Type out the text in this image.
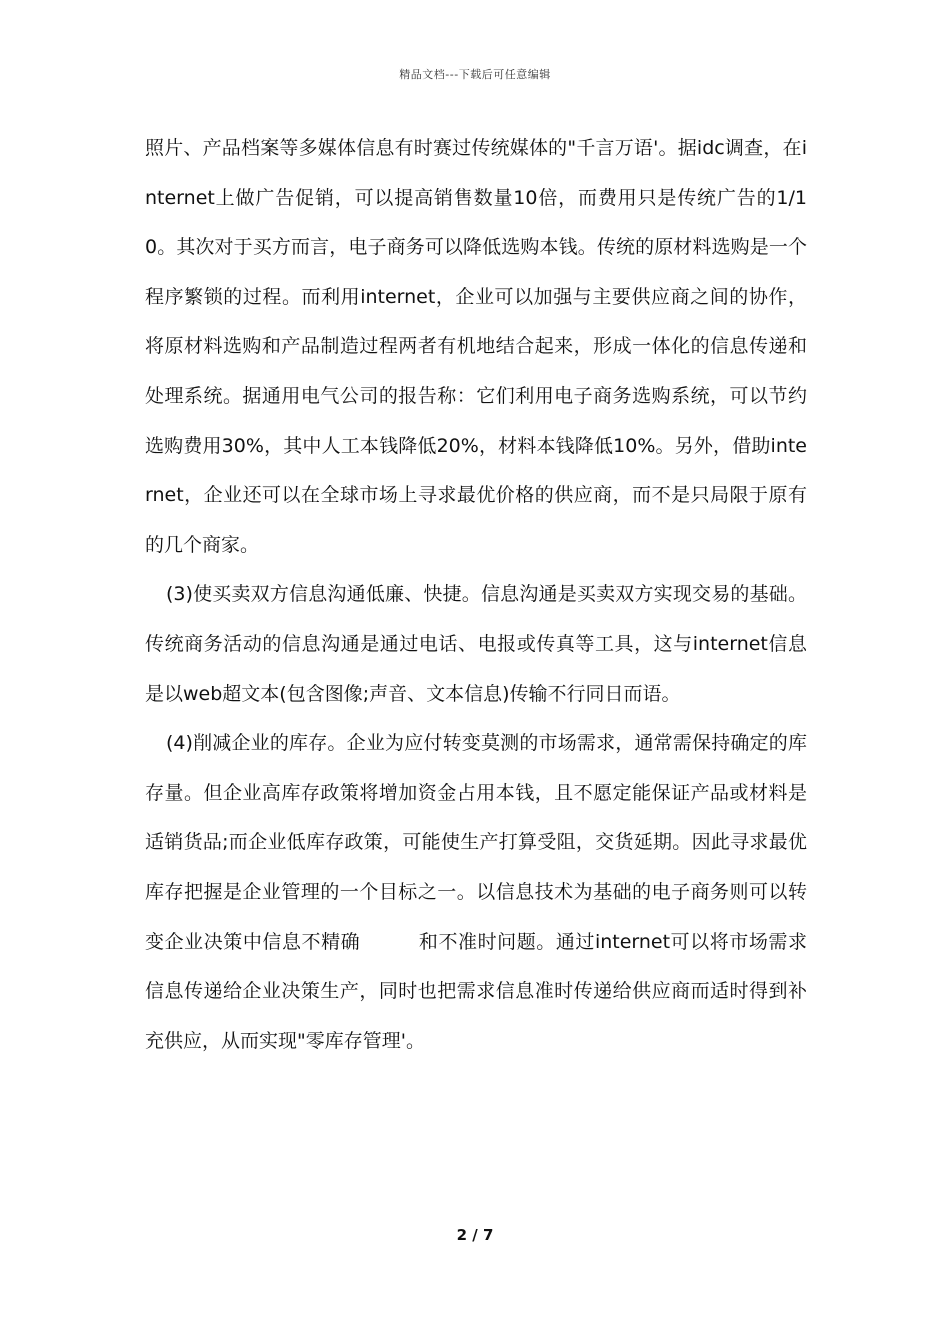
精品文档---下载后可任意编辑

照片、产品档案等多媒体信息有时赛过传统媒体的"千言万语'。据idc调查，在internet上做广告促销，可以提高销售数量10倍，而费用只是传统广告的1/10。其次对于买方而言，电子商务可以降低选购本钱。传统的原材料选购是一个程序繁锁的过程。而利用internet，企业可以加强与主要供应商之间的协作，将原材料选购和产品制造过程两者有机地结合起来，形成一体化的信息传递和处理系统。据通用电气公司的报告称：它们利用电子商务选购系统，可以节约选购费用30%，其中人工本钱降低20%，材料本钱降低10%。另外，借助internet，企业还可以在全球市场上寻求最优价格的供应商，而不是只局限于原有的几个商家。

(3)使买卖双方信息沟通低廉、快捷。信息沟通是买卖双方实现交易的基础。传统商务活动的信息沟通是通过电话、电报或传真等工具，这与internet信息是以web超文本(包含图像;声音、文本信息)传输不行同日而语。

(4)削减企业的库存。企业为应付转变莫测的市场需求，通常需保持确定的库存量。但企业高库存政策将增加资金占用本钱，且不愿定能保证产品或材料是适销货品;而企业低库存政策，可能使生产打算受阻，交货延期。因此寻求最优库存把握是企业管理的一个目标之一。以信息技术为基础的电子商务则可以转变企业决策中信息不精确　　　和不准时问题。通过internet可以将市场需求信息传递给企业决策生产，同时也把需求信息准时传递给供应商而适时得到补充供应，从而实现"零库存管理'。

2 / 7
